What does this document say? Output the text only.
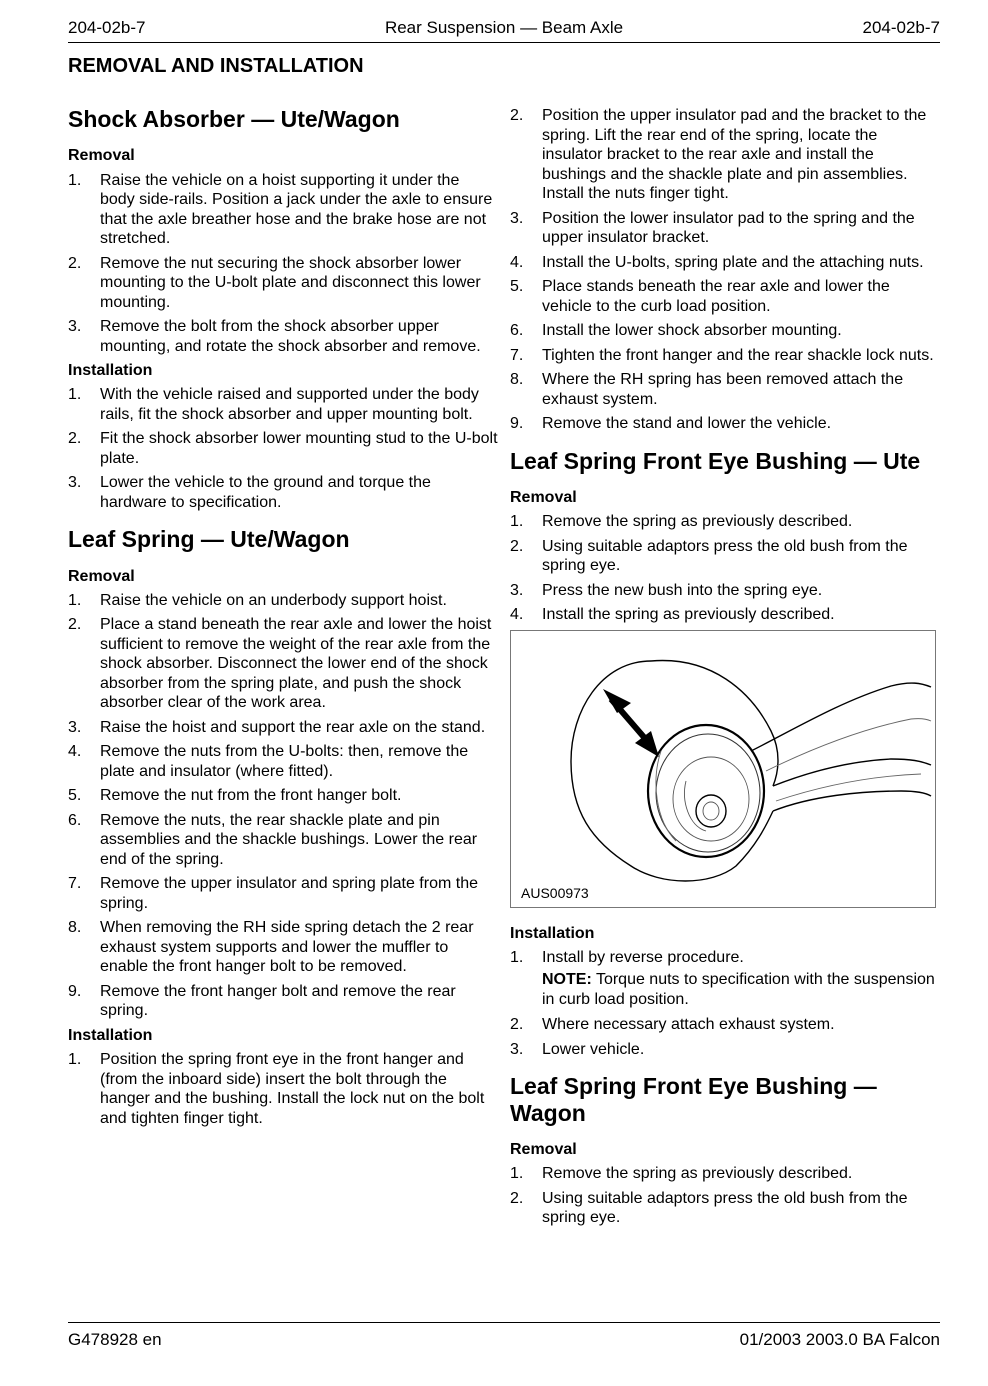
204-02b-7	Rear Suspension — Beam Axle	204-02b-7
REMOVAL AND INSTALLATION
Shock Absorber — Ute/Wagon
Removal
1. Raise the vehicle on a hoist supporting it under the body side-rails. Position a jack under the axle to ensure that the axle breather hose and the brake hose are not stretched.
2. Remove the nut securing the shock absorber lower mounting to the U-bolt plate and disconnect this lower mounting.
3. Remove the bolt from the shock absorber upper mounting, and rotate the shock absorber and remove.
Installation
1. With the vehicle raised and supported under the body rails, fit the shock absorber and upper mounting bolt.
2. Fit the shock absorber lower mounting stud to the U-bolt plate.
3. Lower the vehicle to the ground and torque the hardware to specification.
Leaf Spring — Ute/Wagon
Removal
1. Raise the vehicle on an underbody support hoist.
2. Place a stand beneath the rear axle and lower the hoist sufficient to remove the weight of the rear axle from the shock absorber. Disconnect the lower end of the shock absorber from the spring plate, and push the shock absorber clear of the work area.
3. Raise the hoist and support the rear axle on the stand.
4. Remove the nuts from the U-bolts: then, remove the plate and insulator (where fitted).
5. Remove the nut from the front hanger bolt.
6. Remove the nuts, the rear shackle plate and pin assemblies and the shackle bushings. Lower the rear end of the spring.
7. Remove the upper insulator and spring plate from the spring.
8. When removing the RH side spring detach the 2 rear exhaust system supports and lower the muffler to enable the front hanger bolt to be removed.
9. Remove the front hanger bolt and remove the rear spring.
Installation
1. Position the spring front eye in the front hanger and (from the inboard side) insert the bolt through the hanger and the bushing. Install the lock nut on the bolt and tighten finger tight.
2. Position the upper insulator pad and the bracket to the spring. Lift the rear end of the spring, locate the insulator bracket to the rear axle and install the bushings and the shackle plate and pin assemblies. Install the nuts finger tight.
3. Position the lower insulator pad to the spring and the upper insulator bracket.
4. Install the U-bolts, spring plate and the attaching nuts.
5. Place stands beneath the rear axle and lower the vehicle to the curb load position.
6. Install the lower shock absorber mounting.
7. Tighten the front hanger and the rear shackle lock nuts.
8. Where the RH spring has been removed attach the exhaust system.
9. Remove the stand and lower the vehicle.
Leaf Spring Front Eye Bushing — Ute
Removal
1. Remove the spring as previously described.
2. Using suitable adaptors press the old bush from the spring eye.
3. Press the new bush into the spring eye.
4. Install the spring as previously described.
AUS00973
Installation
1. Install by reverse procedure.
NOTE: Torque nuts to specification with the suspension in curb load position.
2. Where necessary attach exhaust system.
3. Lower vehicle.
Leaf Spring Front Eye Bushing — Wagon
Removal
1. Remove the spring as previously described.
2. Using suitable adaptors press the old bush from the spring eye.
G478928 en	01/2003 2003.0 BA Falcon
